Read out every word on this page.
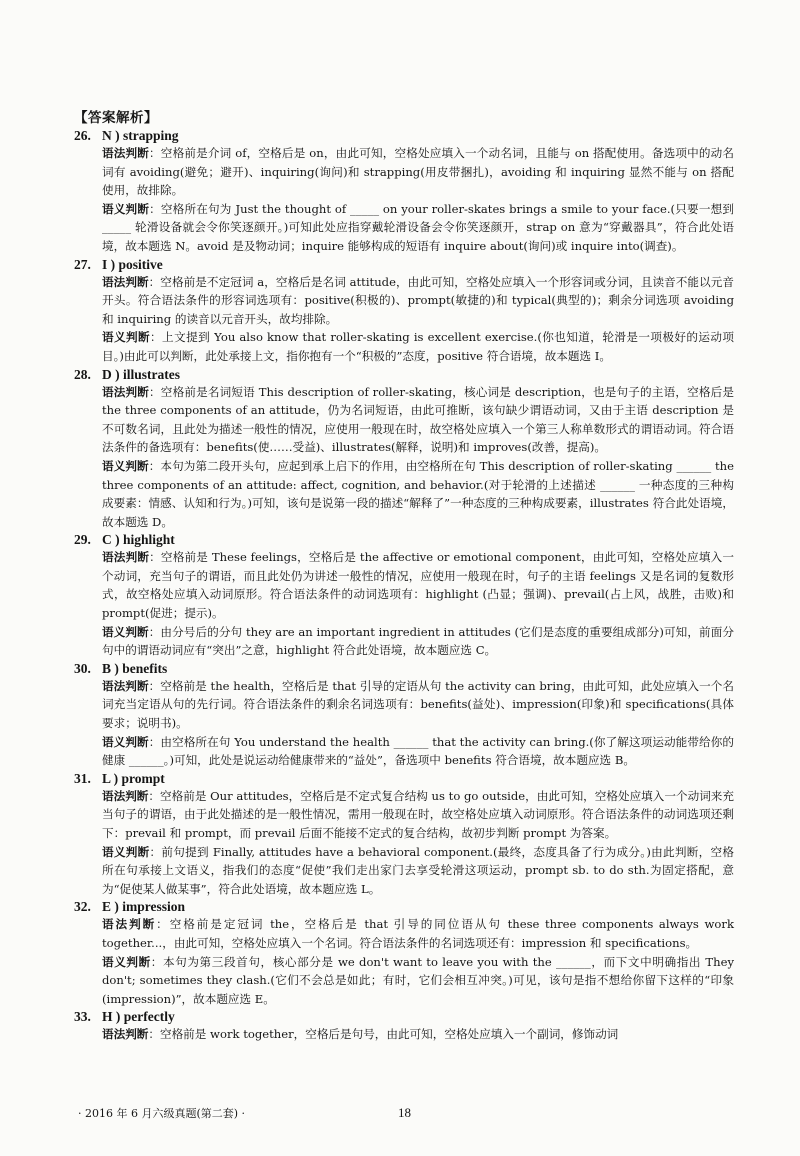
【答案解析】
26. N ) strapping
语法判断：空格前是介词 of，空格后是 on，由此可知，空格处应填入一个动名词，且能与 on 搭配使用。备选项中的动名词有 avoiding(避免；避开)、inquiring(询问)和 strapping(用皮带捆扎)，avoiding 和 inquiring 显然不能与 on 搭配使用，故排除。
语义判断：空格所在句为 Just the thought of _____ on your roller-skates brings a smile to your face.(只要一想到 _____ 轮滑设备就会令你笑逐颜开。)可知此处应指穿戴轮滑设备会令你笑逐颜开，strap on 意为“穿戴器具”，符合此处语境，故本题选 N。avoid 是及物动词；inquire 能够构成的短语有 inquire about(询问)或 inquire into(调查)。
27. I ) positive
语法判断：空格前是不定冠词 a，空格后是名词 attitude，由此可知，空格处应填入一个形容词或分词，且读音不能以元音开头。符合语法条件的形容词选项有：positive(积极的)、prompt(敏捷的)和 typical(典型的)；剩余分词选项 avoiding 和 inquiring 的读音以元音开头，故均排除。
语义判断：上文提到 You also know that roller-skating is excellent exercise.(你也知道，轮滑是一项极好的运动项目。)由此可以判断，此处承接上文，指你抱有一个“积极的”态度，positive 符合语境，故本题选 I。
28. D ) illustrates
语法判断：空格前是名词短语 This description of roller-skating，核心词是 description，也是句子的主语，空格后是 the three components of an attitude，仍为名词短语，由此可推断，该句缺少谓语动词，又由于主语 description 是不可数名词，且此处为描述一般性的情况，应使用一般现在时，故空格处应填入一个第三人称单数形式的谓语动词。符合语法条件的备选项有：benefits(使……受益)、illustrates(解释，说明)和 improves(改善，提高)。
语义判断：本句为第二段开头句，应起到承上启下的作用，由空格所在句 This description of roller-skating ______ the three components of an attitude: affect, cognition, and behavior.(对于轮滑的上述描述 ______ 一种态度的三种构成要素：情感、认知和行为。)可知，该句是说第一段的描述“解释了”一种态度的三种构成要素，illustrates 符合此处语境，故本题选 D。
29. C ) highlight
语法判断：空格前是 These feelings，空格后是 the affective or emotional component，由此可知，空格处应填入一个动词，充当句子的谓语，而且此处仍为讲述一般性的情况，应使用一般现在时，句子的主语 feelings 又是名词的复数形式，故空格处应填入动词原形。符合语法条件的动词选项有：highlight (凸显；强调)、prevail(占上风，战胜，击败)和 prompt(促进；提示)。
语义判断：由分号后的分句 they are an important ingredient in attitudes (它们是态度的重要组成部分)可知，前面分句中的谓语动词应有“突出”之意，highlight 符合此处语境，故本题应选 C。
30. B ) benefits
语法判断：空格前是 the health，空格后是 that 引导的定语从句 the activity can bring，由此可知，此处应填入一个名词充当定语从句的先行词。符合语法条件的剩余名词选项有：benefits(益处)、impression(印象)和 specifications(具体要求；说明书)。
语义判断：由空格所在句 You understand the health ______ that the activity can bring.(你了解这项运动能带给你的健康 ______。)可知，此处是说运动给健康带来的“益处”，备选项中 benefits 符合语境，故本题应选 B。
31. L ) prompt
语法判断：空格前是 Our attitudes，空格后是不定式复合结构 us to go outside，由此可知，空格处应填入一个动词来充当句子的谓语，由于此处描述的是一般性情况，需用一般现在时，故空格处应填入动词原形。符合语法条件的动词选项还剩下：prevail 和 prompt，而 prevail 后面不能接不定式的复合结构，故初步判断 prompt 为答案。
语义判断：前句提到 Finally, attitudes have a behavioral component.(最终，态度具备了行为成分。)由此判断，空格所在句承接上文语义，指我们的态度“促使”我们走出家门去享受轮滑这项运动，prompt sb. to do sth.为固定搭配，意为“促使某人做某事”，符合此处语境，故本题应选 L。
32. E ) impression
语法判断：空格前是定冠词 the，空格后是 that 引导的同位语从句 these three components always work together...，由此可知，空格处应填入一个名词。符合语法条件的名词选项还有：impression 和 specifications。
语义判断：本句为第三段首句，核心部分是 we don't want to leave you with the ______，而下文中明确指出 They don't; sometimes they clash.(它们不会总是如此；有时，它们会相互冲突。)可见，该句是指不想给你留下这样的“印象(impression)”，故本题应选 E。
33. H ) perfectly
语法判断：空格前是 work together，空格后是句号，由此可知，空格处应填入一个副词，修饰动词
· 2016 年 6 月六级真题(第二套) ·	18
